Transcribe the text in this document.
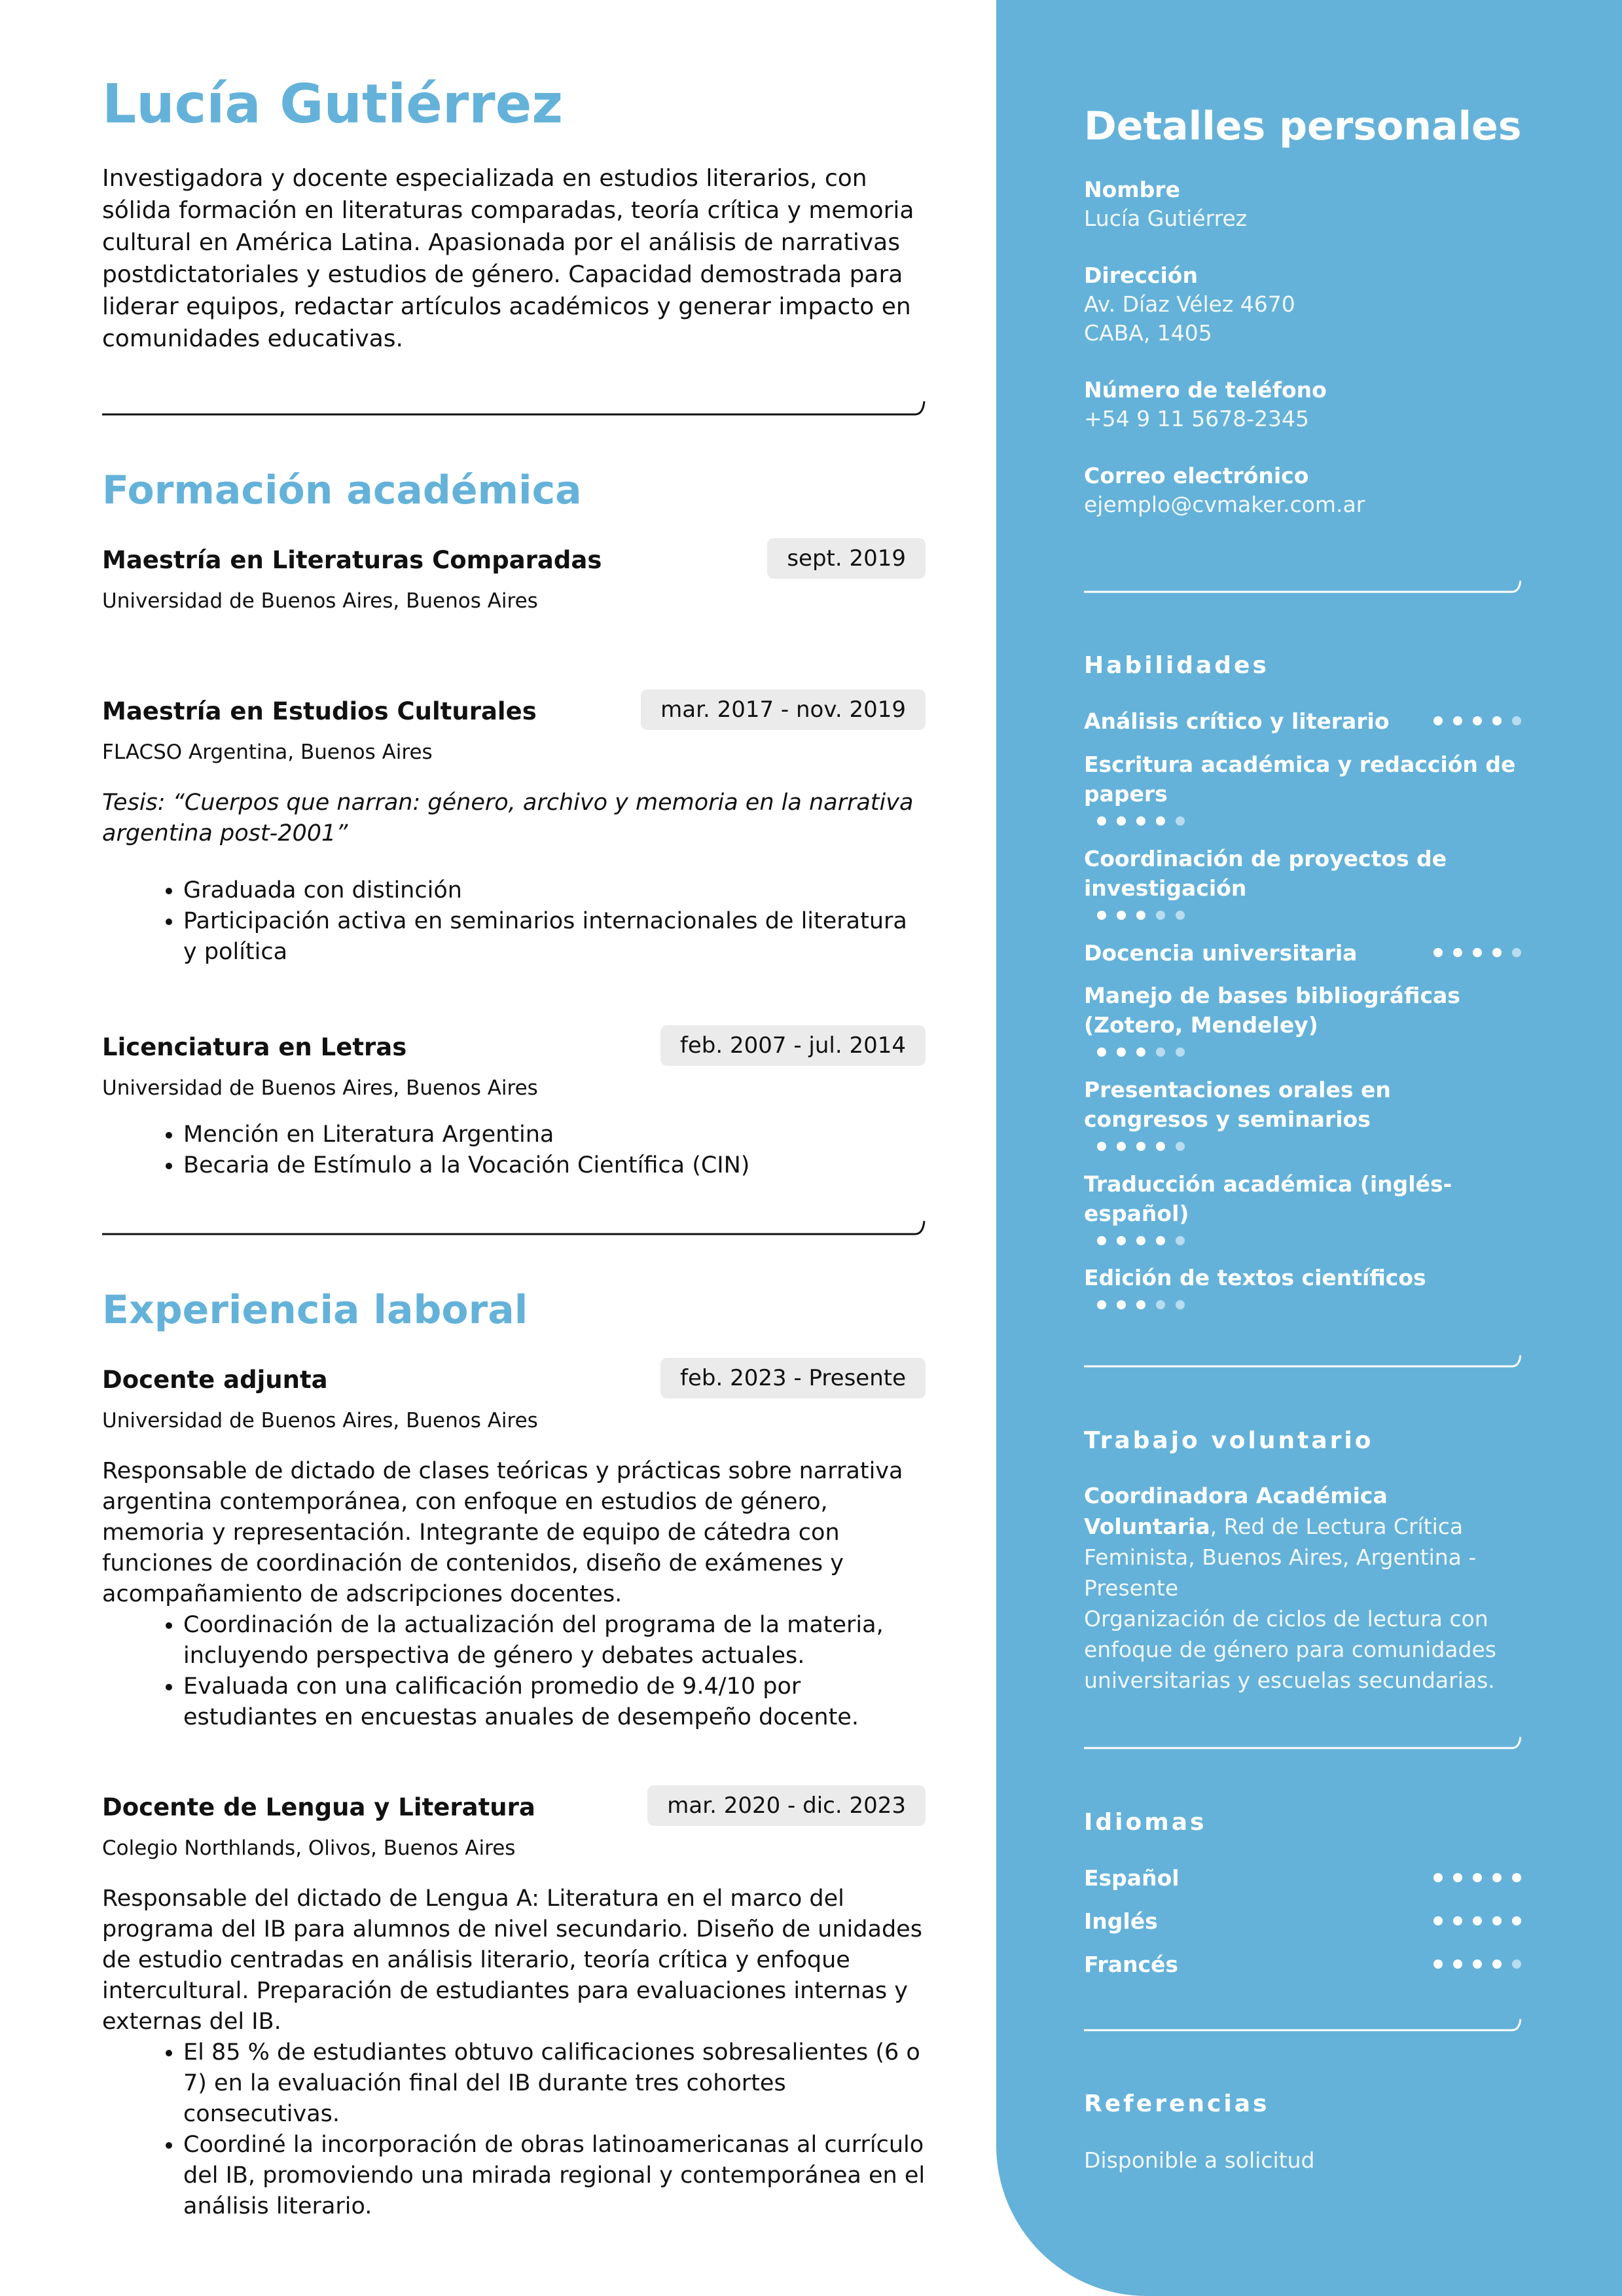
Lucía Gutiérrez

Investigadora y docente especializada en estudios literarios, con sólida formación en literaturas comparadas, teoría crítica y memoria cultural en América Latina. Apasionada por el análisis de narrativas postdictatoriales y estudios de género. Capacidad demostrada para liderar equipos, redactar artículos académicos y generar impacto en comunidades educativas.

Formación académica
Maestría en Literaturas Comparadas	sept. 2019
Universidad de Buenos Aires, Buenos Aires
Maestría en Estudios Culturales	mar. 2017 - nov. 2019
FLACSO Argentina, Buenos Aires
Tesis: “Cuerpos que narran: género, archivo y memoria en la narrativa argentina post-2001”
• Graduada con distinción
• Participación activa en seminarios internacionales de literatura y política
Licenciatura en Letras	feb. 2007 - jul. 2014
Universidad de Buenos Aires, Buenos Aires
• Mención en Literatura Argentina
• Becaria de Estímulo a la Vocación Científica (CIN)
Experiencia laboral
Docente adjunta	feb. 2023 - Presente
Universidad de Buenos Aires, Buenos Aires
Responsable de dictado de clases teóricas y prácticas sobre narrativa argentina contemporánea, con enfoque en estudios de género, memoria y representación. Integrante de equipo de cátedra con funciones de coordinación de contenidos, diseño de exámenes y acompañamiento de adscripciones docentes.
• Coordinación de la actualización del programa de la materia, incluyendo perspectiva de género y debates actuales.
• Evaluada con una calificación promedio de 9.4/10 por estudiantes en encuestas anuales de desempeño docente.
Docente de Lengua y Literatura	mar. 2020 - dic. 2023
Colegio Northlands, Olivos, Buenos Aires
Responsable del dictado de Lengua A: Literatura en el marco del programa del IB para alumnos de nivel secundario. Diseño de unidades de estudio centradas en análisis literario, teoría crítica y enfoque intercultural. Preparación de estudiantes para evaluaciones internas y externas del IB.
• El 85 % de estudiantes obtuvo calificaciones sobresalientes (6 o 7) en la evaluación final del IB durante tres cohortes consecutivas.
• Coordiné la incorporación de obras latinoamericanas al currículo del IB, promoviendo una mirada regional y contemporánea en el análisis literario.
Detalles personales
Nombre
Lucía Gutiérrez
Dirección
Av. Díaz Vélez 4670
CABA, 1405
Número de teléfono
+54 9 11 5678-2345
Correo electrónico
ejemplo@cvmaker.com.ar
Habilidades
Análisis crítico y literario
Escritura académica y redacción de papers
Coordinación de proyectos de investigación
Docencia universitaria
Manejo de bases bibliográficas (Zotero, Mendeley)
Presentaciones orales en congresos y seminarios
Traducción académica (inglés-español)
Edición de textos científicos
Trabajo voluntario
Coordinadora Académica Voluntaria, Red de Lectura Crítica Feminista, Buenos Aires, Argentina - Presente
Organización de ciclos de lectura con enfoque de género para comunidades universitarias y escuelas secundarias.
Idiomas
Español
Inglés
Francés
Referencias
Disponible a solicitud
